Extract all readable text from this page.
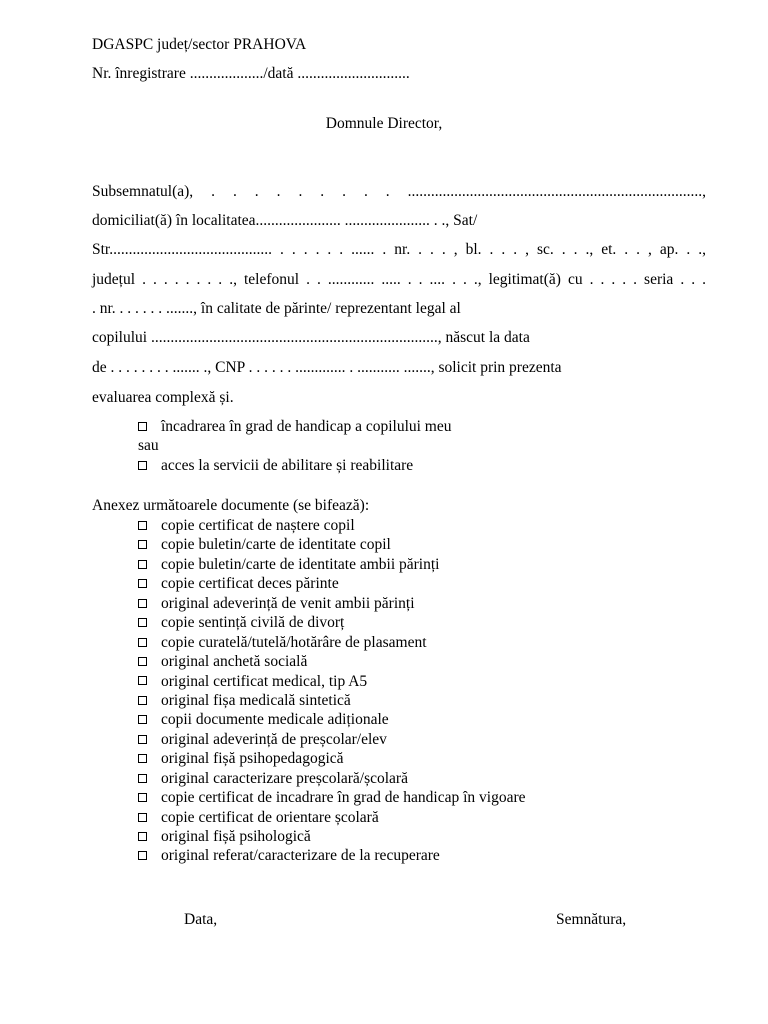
DGASPC județ/sector PRAHOVA
Nr. înregistrare .................../dată .............................
Domnule Director,
Subsemnatul(a), . . . . . . . . . ............................................................................,
domiciliat(ă) în localitatea...................... ...................... . ., Sat/
Str.......................................... . . . . . . ...... . nr. . . . , bl. . . . , sc. . . ., et. . . , ap. . .,
județul . . . . . . . . ., telefonul . . ............ ..... . . .... . . ., legitimat(ă) cu . . . . . seria . . .
. nr. . . . . . . ......., în calitate de părinte/ reprezentant legal al
copilului .........................................................................., născut la data
de . . . . . . . . ....... ., CNP . . . . . . ............. . ........... ......., solicit prin prezenta
evaluarea complexă și.
încadrarea în grad de handicap a copilului meu
sau
acces la servicii de abilitare și reabilitare
Anexez următoarele documente (se bifează):
copie certificat de naștere copil
copie buletin/carte de identitate copil
copie buletin/carte de identitate ambii părinți
copie certificat deces părinte
original adeverință de venit ambii părinți
copie sentință civilă de divorț
copie curatelă/tutelă/hotărâre de plasament
original anchetă socială
original certificat medical, tip A5
original fișa medicală sintetică
copii documente medicale adiționale
original adeverință de preșcolar/elev
original fișă psihopedagogică
original caracterizare preșcolară/școlară
copie certificat de incadrare în grad de handicap în vigoare
copie certificat de orientare școlară
original fișă psihologică
original referat/caracterizare de la recuperare
Data,	Semnătura,
